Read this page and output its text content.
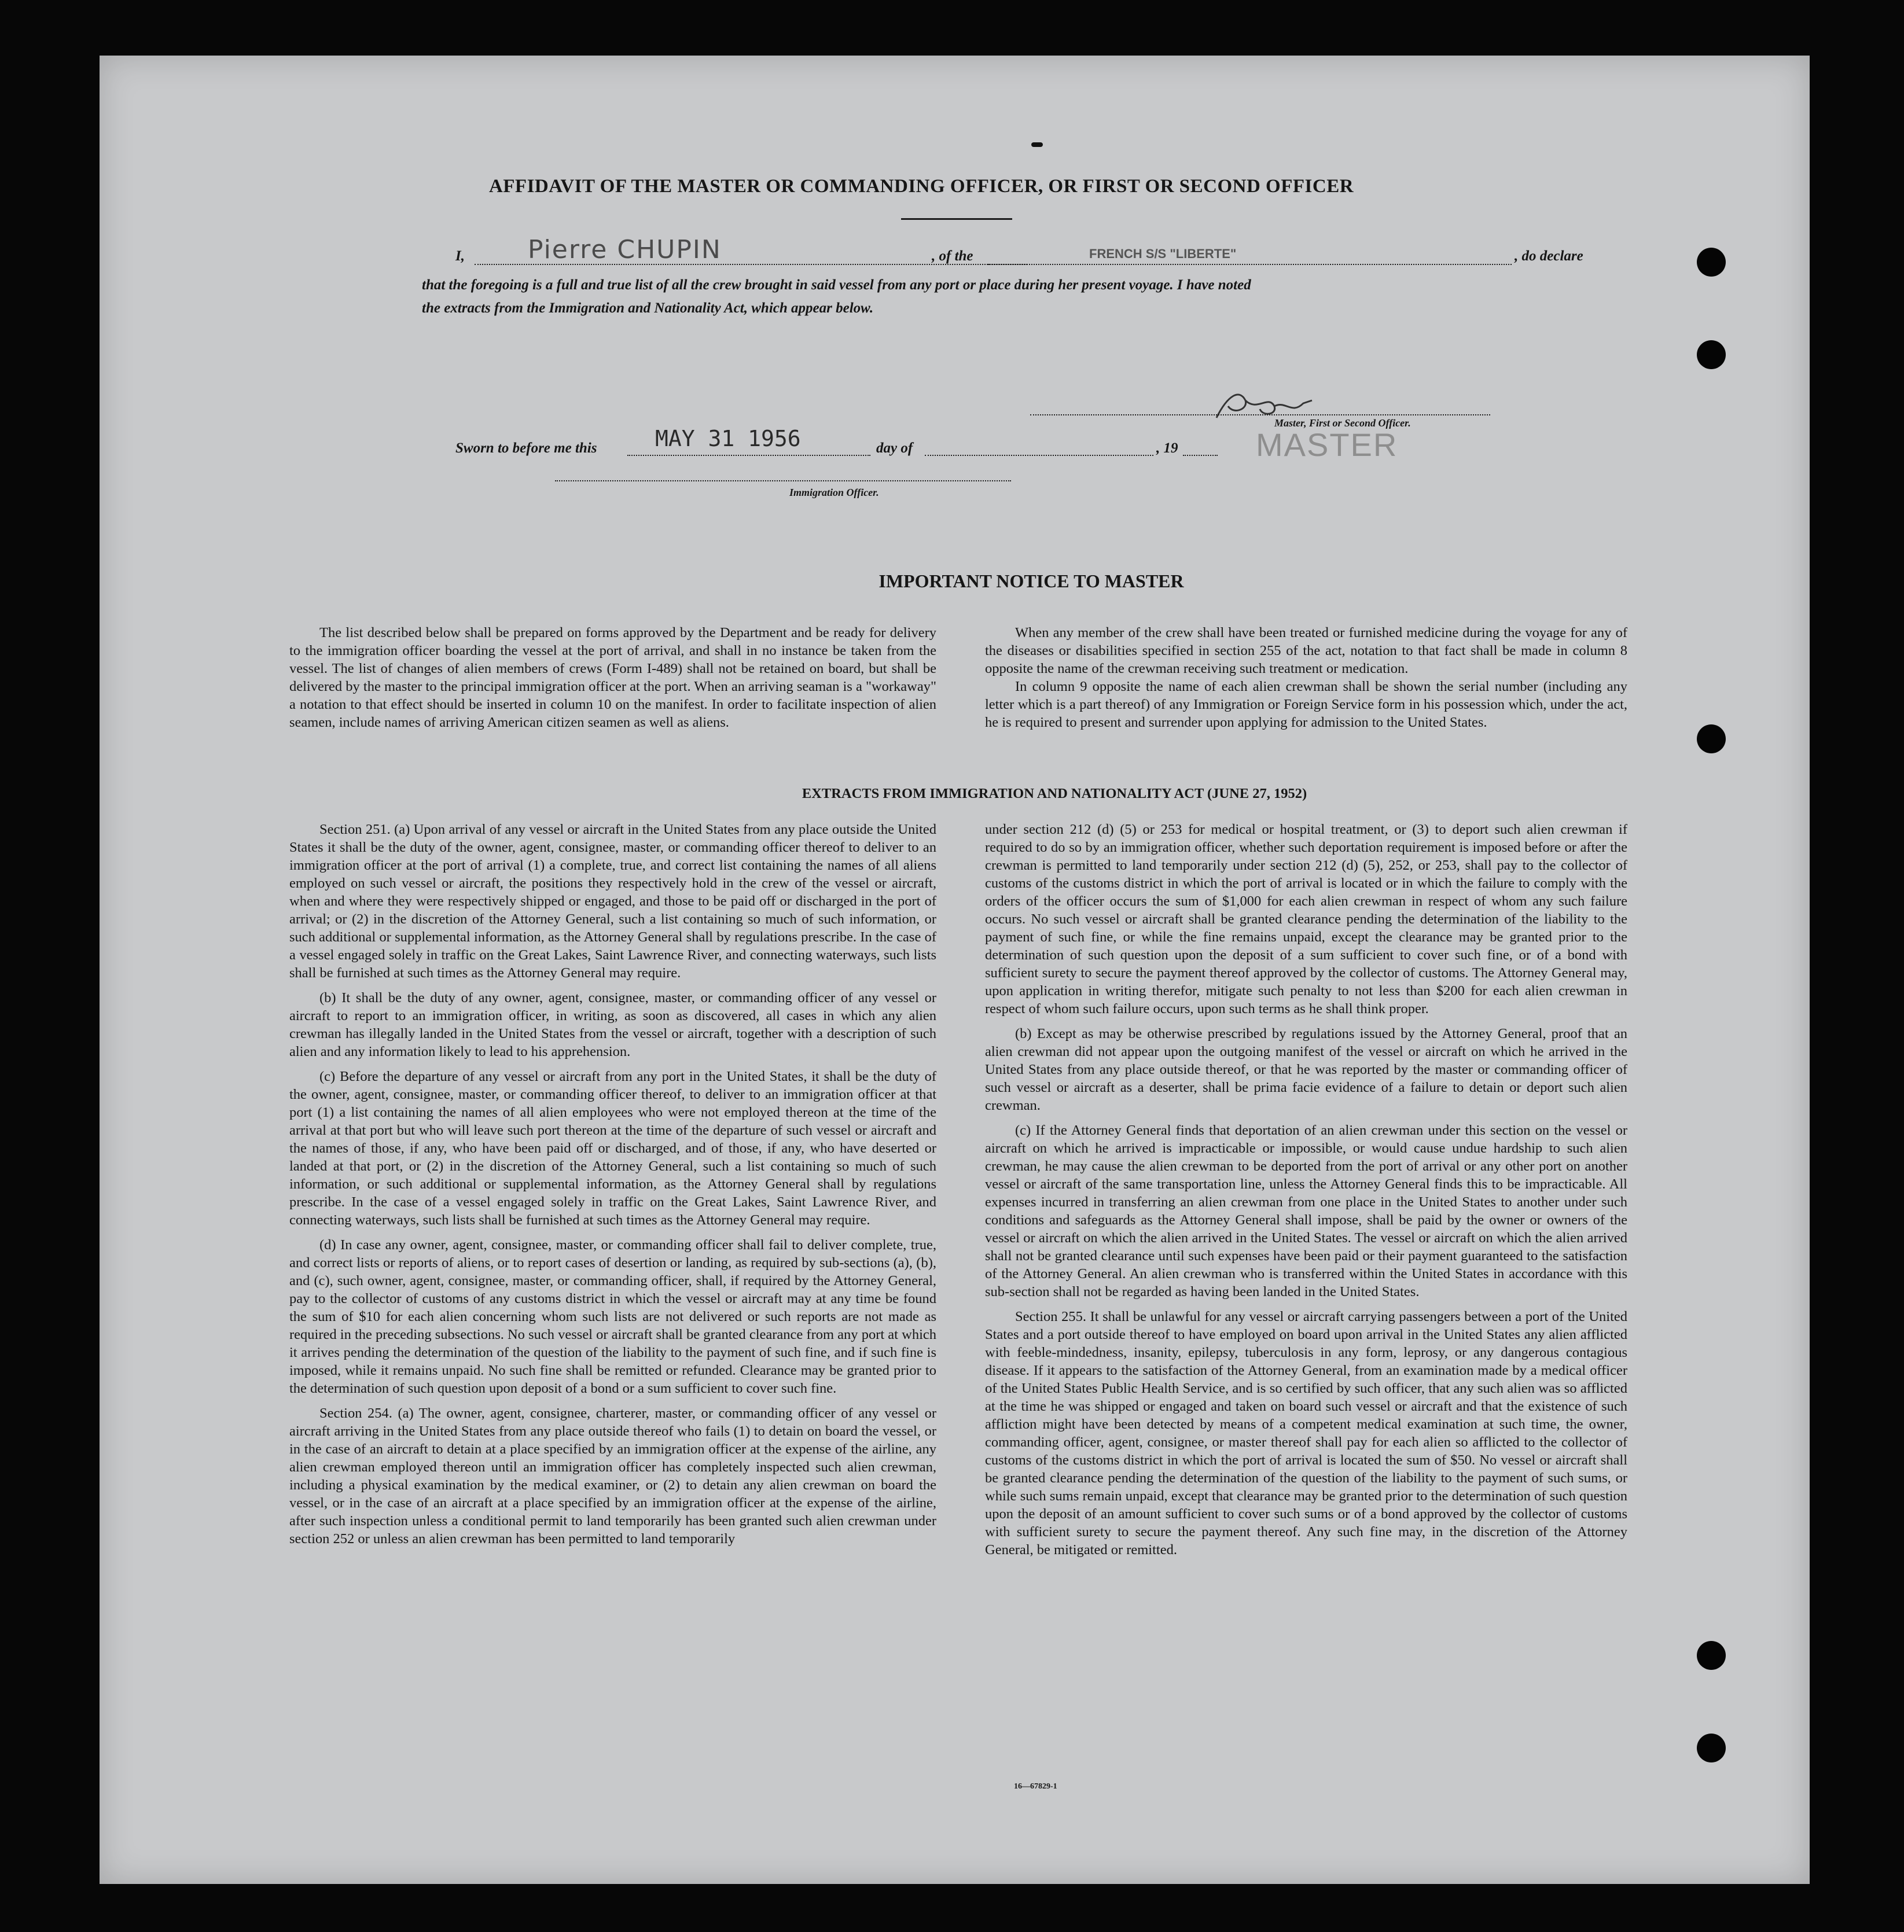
AFFIDAVIT OF THE MASTER OR COMMANDING OFFICER, OR FIRST OR SECOND OFFICER
I, Pierre CHUPIN	, of the	FRENCH S/S "LIBERTE"	, do declare
that the foregoing is a full and true list of all the crew brought in said vessel from any port or place during her present voyage. I have noted
the extracts from the Immigration and Nationality Act, which appear below.
Master, First or Second Officer.
Sworn to before me this	MAY 31 1956	day of	, 19 MASTER
Immigration Officer.
IMPORTANT NOTICE TO MASTER

The list described below shall be prepared on forms approved by the Department and be ready for delivery to the immigration officer boarding the vessel at the port of arrival, and shall in no instance be taken from the vessel. The list of changes of alien members of crews (Form I-489) shall not be retained on board, but shall be delivered by the master to the principal immigration officer at the port. When an arriving seaman is a "workaway" a notation to that effect should be inserted in column 10 on the manifest. In order to facilitate inspection of alien seamen, include names of arriving American citizen seamen as well as aliens.

When any member of the crew shall have been treated or furnished medicine during the voyage for any of the diseases or disabilities specified in section 255 of the act, notation to that fact shall be made in column 8 opposite the name of the crewman receiving such treatment or medication.

In column 9 opposite the name of each alien crewman shall be shown the serial number (including any letter which is a part thereof) of any Immigration or Foreign Service form in his possession which, under the act, he is required to present and surrender upon applying for admission to the United States.

EXTRACTS FROM IMMIGRATION AND NATIONALITY ACT (JUNE 27, 1952)

Section 251. (a) Upon arrival of any vessel or aircraft in the United States from any place outside the United States it shall be the duty of the owner, agent, consignee, master, or commanding officer thereof to deliver to an immigration officer at the port of arrival (1) a complete, true, and correct list containing the names of all aliens employed on such vessel or aircraft, the positions they respectively hold in the crew of the vessel or aircraft, when and where they were respectively shipped or engaged, and those to be paid off or discharged in the port of arrival; or (2) in the discretion of the Attorney General, such a list containing so much of such information, or such additional or supplemental information, as the Attorney General shall by regulations prescribe. In the case of a vessel engaged solely in traffic on the Great Lakes, Saint Lawrence River, and connecting waterways, such lists shall be furnished at such times as the Attorney General may require.

(b) It shall be the duty of any owner, agent, consignee, master, or commanding officer of any vessel or aircraft to report to an immigration officer, in writing, as soon as discovered, all cases in which any alien crewman has illegally landed in the United States from the vessel or aircraft, together with a description of such alien and any information likely to lead to his apprehension.

(c) Before the departure of any vessel or aircraft from any port in the United States, it shall be the duty of the owner, agent, consignee, master, or commanding officer thereof, to deliver to an immigration officer at that port (1) a list containing the names of all alien employees who were not employed thereon at the time of the arrival at that port but who will leave such port thereon at the time of the departure of such vessel or aircraft and the names of those, if any, who have been paid off or discharged, and of those, if any, who have deserted or landed at that port, or (2) in the discretion of the Attorney General, such a list containing so much of such information, or such additional or supplemental information, as the Attorney General shall by regulations prescribe. In the case of a vessel engaged solely in traffic on the Great Lakes, Saint Lawrence River, and connecting waterways, such lists shall be furnished at such times as the Attorney General may require.

(d) In case any owner, agent, consignee, master, or commanding officer shall fail to deliver complete, true, and correct lists or reports of aliens, or to report cases of desertion or landing, as required by sub-sections (a), (b), and (c), such owner, agent, consignee, master, or commanding officer, shall, if required by the Attorney General, pay to the collector of customs of any customs district in which the vessel or aircraft may at any time be found the sum of $10 for each alien concerning whom such lists are not delivered or such reports are not made as required in the preceding subsections. No such vessel or aircraft shall be granted clearance from any port at which it arrives pending the determination of the question of the liability to the payment of such fine, and if such fine is imposed, while it remains unpaid. No such fine shall be remitted or refunded. Clearance may be granted prior to the determination of such question upon deposit of a bond or a sum sufficient to cover such fine.

Section 254. (a) The owner, agent, consignee, charterer, master, or commanding officer of any vessel or aircraft arriving in the United States from any place outside thereof who fails (1) to detain on board the vessel, or in the case of an aircraft to detain at a place specified by an immigration officer at the expense of the airline, any alien crewman employed thereon until an immigration officer has completely inspected such alien crewman, including a physical examination by the medical examiner, or (2) to detain any alien crewman on board the vessel, or in the case of an aircraft at a place specified by an immigration officer at the expense of the airline, after such inspection unless a conditional permit to land temporarily has been granted such alien crewman under section 252 or unless an alien crewman has been permitted to land temporarily

under section 212 (d) (5) or 253 for medical or hospital treatment, or (3) to deport such alien crewman if required to do so by an immigration officer, whether such deportation requirement is imposed before or after the crewman is permitted to land temporarily under section 212 (d) (5), 252, or 253, shall pay to the collector of customs of the customs district in which the port of arrival is located or in which the failure to comply with the orders of the officer occurs the sum of $1,000 for each alien crewman in respect of whom any such failure occurs. No such vessel or aircraft shall be granted clearance pending the determination of the liability to the payment of such fine, or while the fine remains unpaid, except the clearance may be granted prior to the determination of such question upon the deposit of a sum sufficient to cover such fine, or of a bond with sufficient surety to secure the payment thereof approved by the collector of customs. The Attorney General may, upon application in writing therefor, mitigate such penalty to not less than $200 for each alien crewman in respect of whom such failure occurs, upon such terms as he shall think proper.

(b) Except as may be otherwise prescribed by regulations issued by the Attorney General, proof that an alien crewman did not appear upon the outgoing manifest of the vessel or aircraft on which he arrived in the United States from any place outside thereof, or that he was reported by the master or commanding officer of such vessel or aircraft as a deserter, shall be prima facie evidence of a failure to detain or deport such alien crewman.

(c) If the Attorney General finds that deportation of an alien crewman under this section on the vessel or aircraft on which he arrived is impracticable or impossible, or would cause undue hardship to such alien crewman, he may cause the alien crewman to be deported from the port of arrival or any other port on another vessel or aircraft of the same transportation line, unless the Attorney General finds this to be impracticable. All expenses incurred in transferring an alien crewman from one place in the United States to another under such conditions and safeguards as the Attorney General shall impose, shall be paid by the owner or owners of the vessel or aircraft on which the alien arrived in the United States. The vessel or aircraft on which the alien arrived shall not be granted clearance until such expenses have been paid or their payment guaranteed to the satisfaction of the Attorney General. An alien crewman who is transferred within the United States in accordance with this sub-section shall not be regarded as having been landed in the United States.

Section 255. It shall be unlawful for any vessel or aircraft carrying passengers between a port of the United States and a port outside thereof to have employed on board upon arrival in the United States any alien afflicted with feeble-mindedness, insanity, epilepsy, tuberculosis in any form, leprosy, or any dangerous contagious disease. If it appears to the satisfaction of the Attorney General, from an examination made by a medical officer of the United States Public Health Service, and is so certified by such officer, that any such alien was so afflicted at the time he was shipped or engaged and taken on board such vessel or aircraft and that the existence of such affliction might have been detected by means of a competent medical examination at such time, the owner, commanding officer, agent, consignee, or master thereof shall pay for each alien so afflicted to the collector of customs of the customs district in which the port of arrival is located the sum of $50. No vessel or aircraft shall be granted clearance pending the determination of the question of the liability to the payment of such sums, or while such sums remain unpaid, except that clearance may be granted prior to the determination of such question upon the deposit of an amount sufficient to cover such sums or of a bond approved by the collector of customs with sufficient surety to secure the payment thereof. Any such fine may, in the discretion of the Attorney General, be mitigated or remitted.

16—67829-1
